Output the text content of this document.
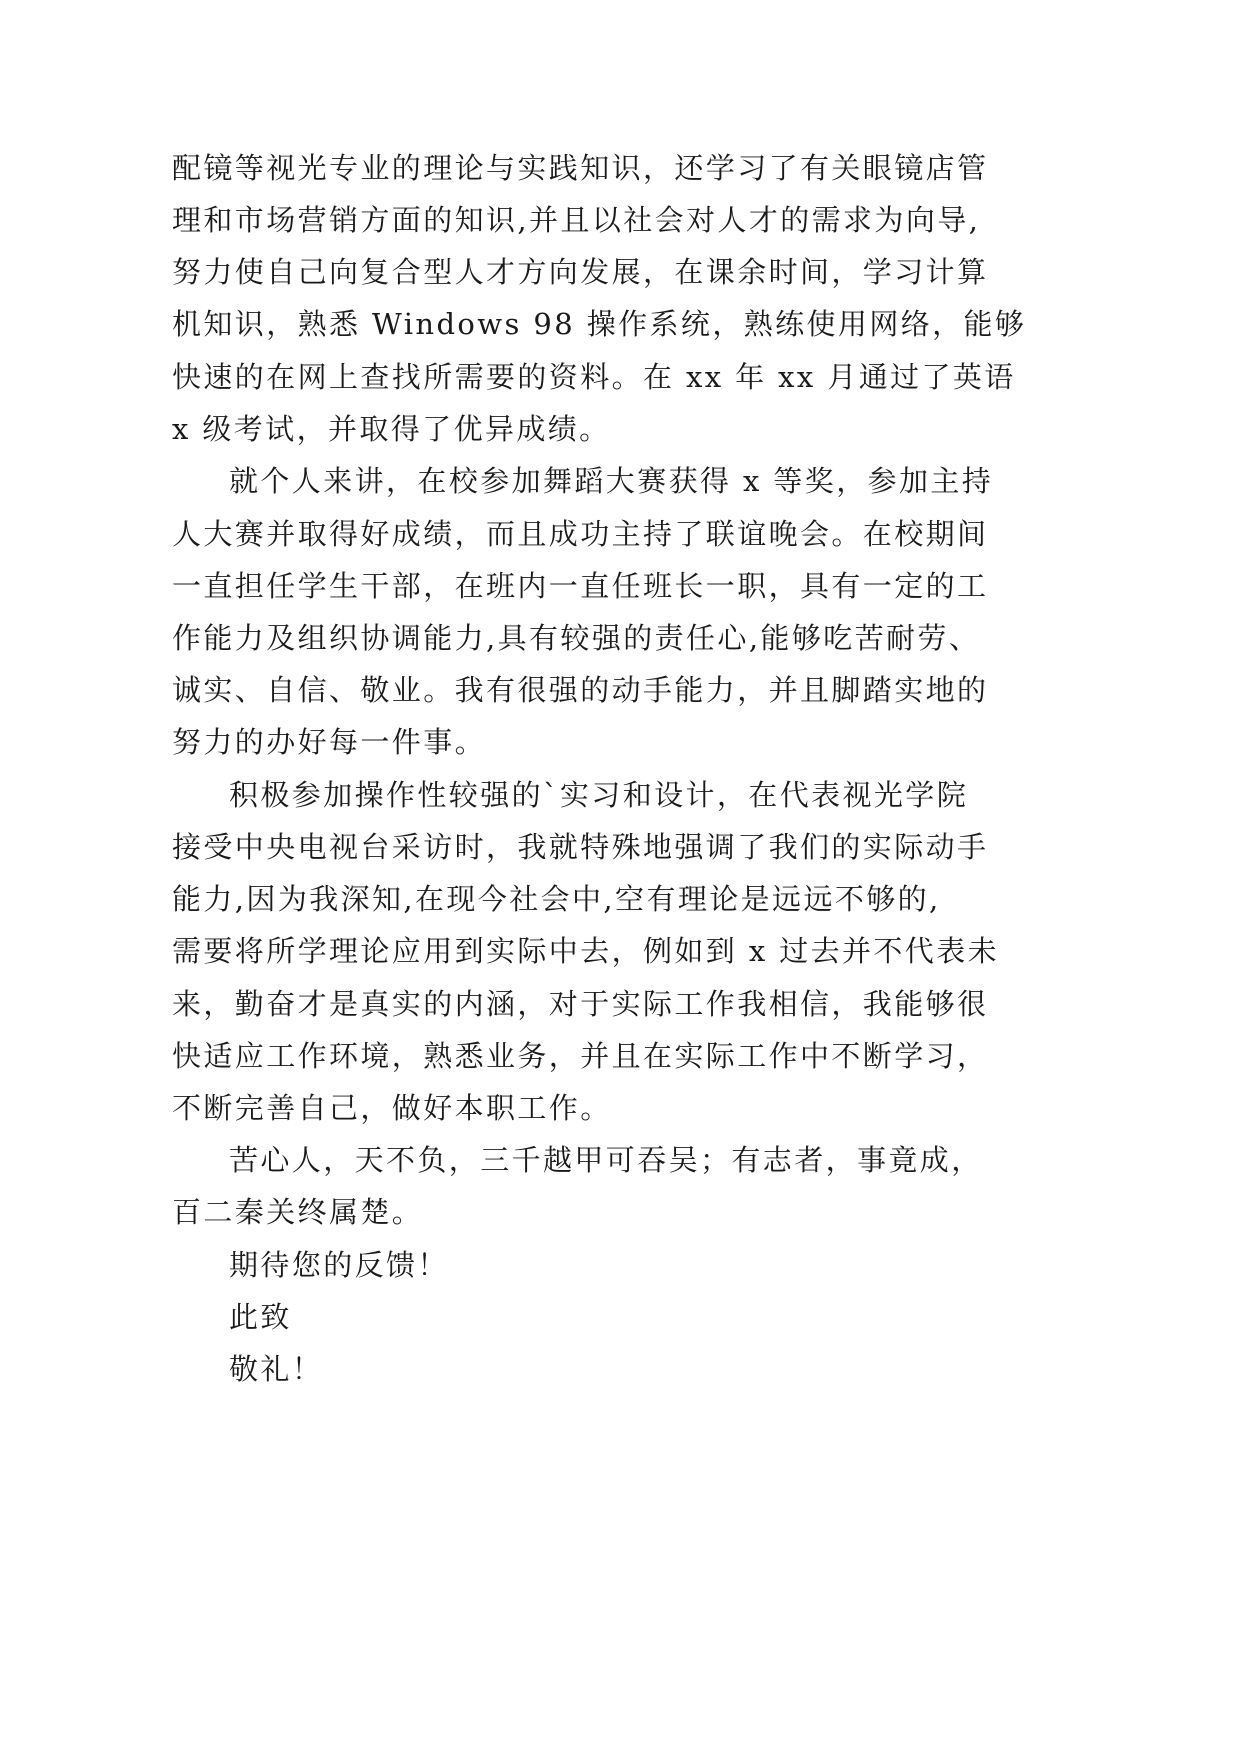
配镜等视光专业的理论与实践知识，还学习了有关眼镜店管
理和市场营销方面的知识,并且以社会对人才的需求为向导,
努力使自己向复合型人才方向发展，在课余时间，学习计算
机知识，熟悉 Windows 98 操作系统，熟练使用网络，能够
快速的在网上查找所需要的资料。在 xx 年 xx 月通过了英语
x 级考试，并取得了优异成绩。
就个人来讲，在校参加舞蹈大赛获得 x 等奖，参加主持
人大赛并取得好成绩，而且成功主持了联谊晚会。在校期间
一直担任学生干部，在班内一直任班长一职，具有一定的工
作能力及组织协调能力,具有较强的责任心,能够吃苦耐劳、
诚实、自信、敬业。我有很强的动手能力，并且脚踏实地的
努力的办好每一件事。
积极参加操作性较强的`实习和设计，在代表视光学院
接受中央电视台采访时，我就特殊地强调了我们的实际动手
能力,因为我深知,在现今社会中,空有理论是远远不够的,
需要将所学理论应用到实际中去，例如到 x 过去并不代表未
来，勤奋才是真实的内涵，对于实际工作我相信，我能够很
快适应工作环境，熟悉业务，并且在实际工作中不断学习，
不断完善自己，做好本职工作。
苦心人，天不负，三千越甲可吞吴；有志者，事竟成，
百二秦关终属楚。
期待您的反馈！
此致
敬礼！
